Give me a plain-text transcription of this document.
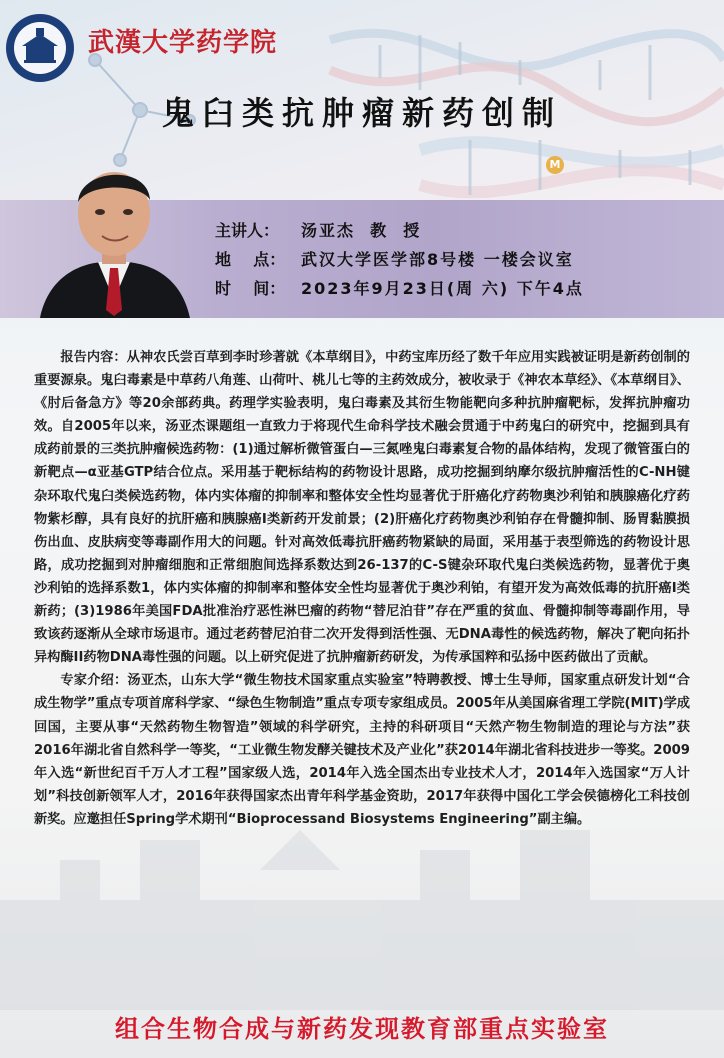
武漢大学药学院
鬼臼类抗肿瘤新药创制
M
主讲人： 汤亚杰  教  授
地    点： 武汉大学医学部8号楼 一楼会议室
时    间： 2023年9月23日(周 六) 下午4点

报告内容：从神农氏尝百草到李时珍著就《本草纲目》，中药宝库历经了数千年应用实践被证明是新药创制的重要源泉。鬼臼毒素是中草药八角莲、山荷叶、桃儿七等的主药效成分，被收录于《神农本草经》、《本草纲目》、《肘后备急方》等20余部药典。药理学实验表明，鬼臼毒素及其衍生物能靶向多种抗肿瘤靶标，发挥抗肿瘤功效。自2005年以来，汤亚杰课题组一直致力于将现代生命科学技术融会贯通于中药鬼臼的研究中，挖掘到具有成药前景的三类抗肿瘤候选药物：(1)通过解析微管蛋白—三氮唑鬼臼毒素复合物的晶体结构，发现了微管蛋白的新靶点—α亚基GTP结合位点。采用基于靶标结构的药物设计思路，成功挖掘到纳摩尔级抗肿瘤活性的C-NH键杂环取代鬼臼类候选药物，体内实体瘤的抑制率和整体安全性均显著优于肝癌化疗药物奥沙利铂和胰腺癌化疗药物紫杉醇，具有良好的抗肝癌和胰腺癌I类新药开发前景；(2)肝癌化疗药物奥沙利铂存在骨髓抑制、肠胃黏膜损伤出血、皮肤病变等毒副作用大的问题。针对高效低毒抗肝癌药物紧缺的局面，采用基于表型筛选的药物设计思路，成功挖掘到对肿瘤细胞和正常细胞间选择系数达到26-137的C-S键杂环取代鬼臼类候选药物，显著优于奥沙利铂的选择系数1，体内实体瘤的抑制率和整体安全性均显著优于奥沙利铂，有望开发为高效低毒的抗肝癌I类新药；(3)1986年美国FDA批准治疗恶性淋巴瘤的药物“替尼泊苷”存在严重的贫血、骨髓抑制等毒副作用，导致该药逐渐从全球市场退市。通过老药替尼泊苷二次开发得到活性强、无DNA毒性的候选药物，解决了靶向拓扑异构酶II药物DNA毒性强的问题。以上研究促进了抗肿瘤新药研发，为传承国粹和弘扬中医药做出了贡献。

专家介绍：汤亚杰，山东大学“微生物技术国家重点实验室”特聘教授、博士生导师，国家重点研发计划“合成生物学”重点专项首席科学家、“绿色生物制造”重点专项专家组成员。2005年从美国麻省理工学院(MIT)学成回国，主要从事“天然药物生物智造”领域的科学研究，主持的科研项目“天然产物生物制造的理论与方法”获2016年湖北省自然科学一等奖，“工业微生物发酵关键技术及产业化”获2014年湖北省科技进步一等奖。2009年入选“新世纪百千万人才工程”国家级人选，2014年入选全国杰出专业技术人才，2014年入选国家“万人计划”科技创新领军人才，2016年获得国家杰出青年科学基金资助，2017年获得中国化工学会侯德榜化工科技创新奖。应邀担任Spring学术期刊“Bioprocessand Biosystems Engineering”副主编。

组合生物合成与新药发现教育部重点实验室
